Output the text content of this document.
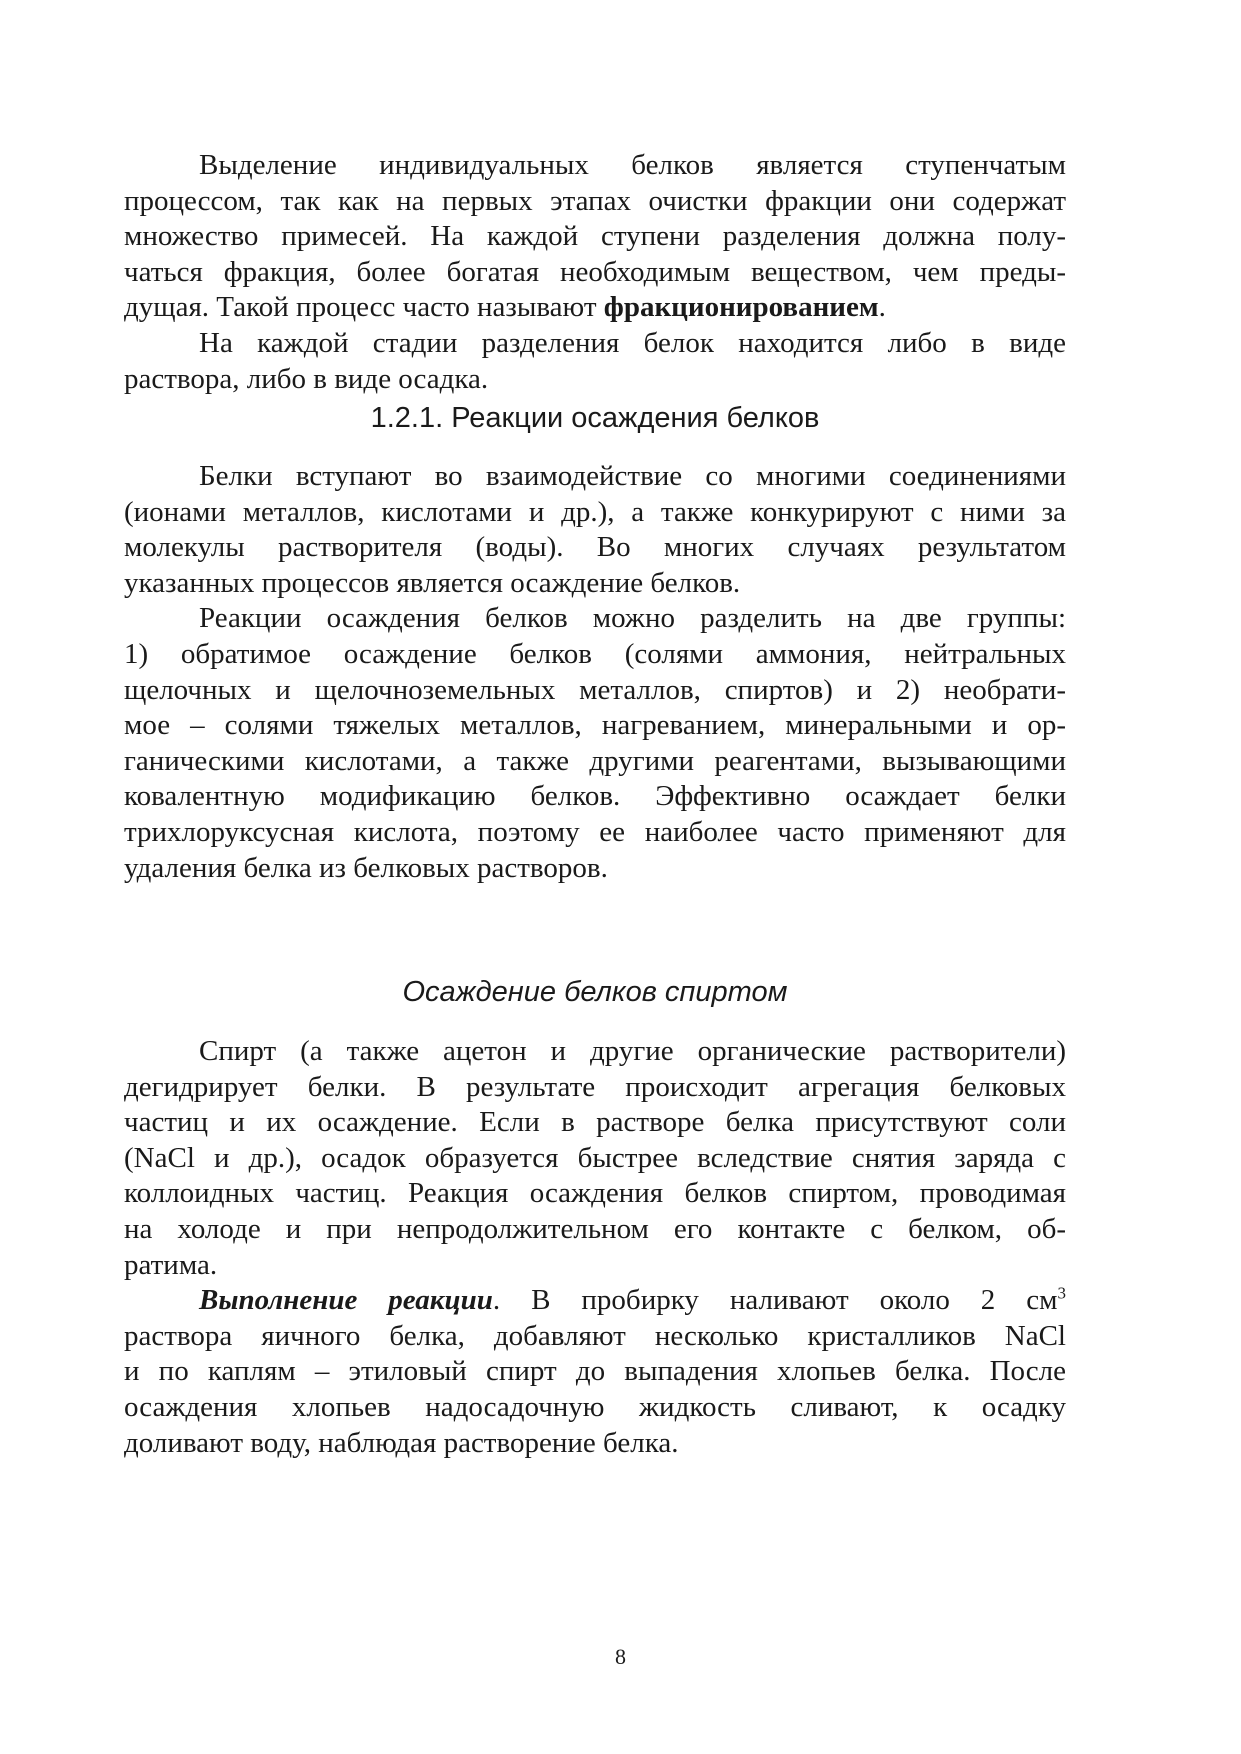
Выделение индивидуальных белков является ступенчатым
процессом, так как на первых этапах очистки фракции они содержат
множество примесей. На каждой ступени разделения должна полу-
чаться фракция, более богатая необходимым веществом, чем преды-
дущая. Такой процесс часто называют фракционированием.
На каждой стадии разделения белок находится либо в виде
раствора, либо в виде осадка.
1.2.1. Реакции осаждения белков
Белки вступают во взаимодействие со многими соединениями
(ионами металлов, кислотами и др.), а также конкурируют с ними за
молекулы растворителя (воды). Во многих случаях результатом
указанных процессов является осаждение белков.
Реакции осаждения белков можно разделить на две группы:
1) обратимое осаждение белков (солями аммония, нейтральных
щелочных и щелочноземельных металлов, спиртов) и 2) необрати-
мое – солями тяжелых металлов, нагреванием, минеральными и ор-
ганическими кислотами, а также другими реагентами, вызывающими
ковалентную модификацию белков. Эффективно осаждает белки
трихлоруксусная кислота, поэтому ее наиболее часто применяют для
удаления белка из белковых растворов.
Осаждение белков спиртом
Спирт (а также ацетон и другие органические растворители)
дегидрирует белки. В результате происходит агрегация белковых
частиц и их осаждение. Если в растворе белка присутствуют соли
(NaCl и др.), осадок образуется быстрее вследствие снятия заряда с
коллоидных частиц. Реакция осаждения белков спиртом, проводимая
на холоде и при непродолжительном его контакте с белком, об-
ратима.
Выполнение реакции. В пробирку наливают около 2 $см^3$
раствора яичного белка, добавляют несколько кристалликов NaCl
и по каплям – этиловый спирт до выпадения хлопьев белка. После
осаждения хлопьев надосадочную жидкость сливают, к осадку
доливают воду, наблюдая растворение белка.
8
